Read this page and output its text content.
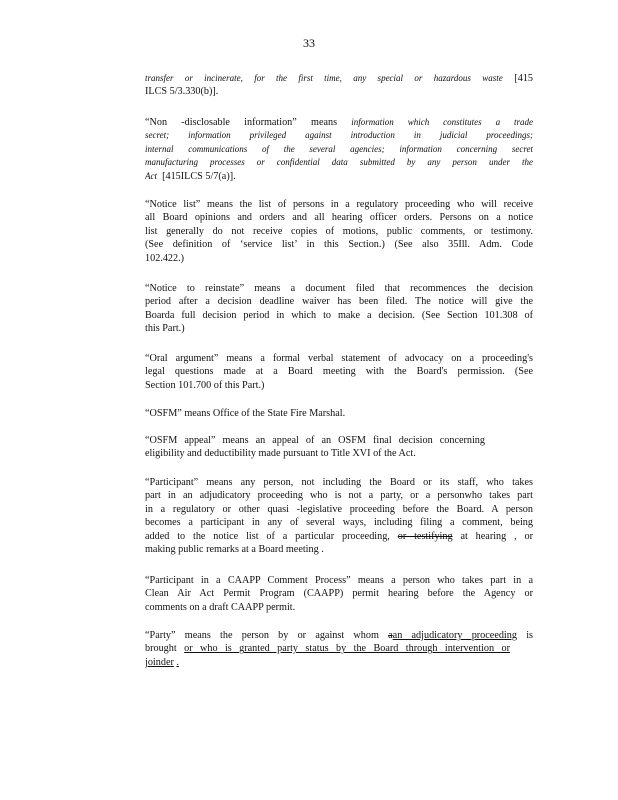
33
transfer or incinerate, for the first time, any special or hazardous waste [415
ILCS 5/3.330(b)].
“Non -disclosable information” means information which constitutes a trade
secret; information privileged against introduction in judicial proceedings;
internal communications of the several agencies; information concerning secret
manufacturing processes or confidential data submitted by any person under the
Act [415ILCS 5/7(a)].
“Notice list” means the list of persons in a regulatory proceeding who will receive
all Board opinions and orders and all hearing officer orders. Persons on a notice
list generally do not receive copies of motions, public comments, or testimony.
(See definition of ‘service list’ in this Section.) (See also 35Ill. Adm. Code
102.422.)
“Notice to reinstate” means a document filed that recommences the decision
period after a decision deadline waiver has been filed. The notice will give the
Boarda full decision period in which to make a decision. (See Section 101.308 of
this Part.)
“Oral argument” means a formal verbal statement of advocacy on a proceeding's
legal questions made at a Board meeting with the Board's permission. (See
Section 101.700 of this Part.)
“OSFM” means Office of the State Fire Marshal.
“OSFM appeal” means an appeal of an OSFM final decision concerning
eligibility and deductibility made pursuant to Title XVI of the Act.
“Participant” means any person, not including the Board or its staff, who takes
part in an adjudicatory proceeding who is not a party, or a personwho takes part
in a regulatory or other quasi -legislative proceeding before the Board. A person
becomes a participant in any of several ways, including filing a comment, being
added to the notice list of a particular proceeding, or testifying at hearing , or
making public remarks at a Board meeting .
“Participant in a CAAPP Comment Process” means a person who takes part in a
Clean Air Act Permit Program (CAAPP) permit hearing before the Agency or
comments on a draft CAAPP permit.
“Party” means the person by or against whom aan adjudicatory proceeding is
brought or who is granted party status by the Board through intervention or
joinder .
